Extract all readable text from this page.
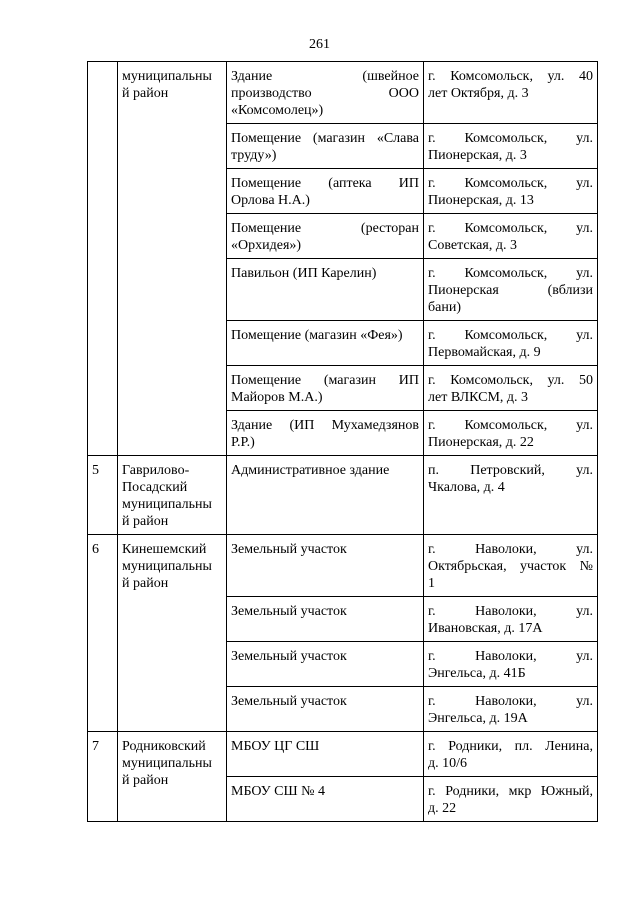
261

	муниципальны
й район	Здание (швейное
производство ООО
«Комсомолец»)	г. Комсомольск, ул. 40
лет Октября, д. 3

		Помещение (магазин «Слава
труду»)	г. Комсомольск, ул.
Пионерская, д. 3

		Помещение (аптека ИП
Орлова Н.А.)	г. Комсомольск, ул.
Пионерская, д. 13

		Помещение (ресторан
«Орхидея»)	г. Комсомольск, ул.
Советская, д. 3

		Павильон (ИП Карелин)	г. Комсомольск, ул.
Пионерская (вблизи
бани)

		Помещение (магазин «Фея»)	г. Комсомольск, ул.
Первомайская, д. 9

		Помещение (магазин ИП
Майоров М.А.)	г. Комсомольск, ул. 50
лет ВЛКСМ, д. 3

		Здание (ИП Мухамедзянов
Р.Р.)	г. Комсомольск, ул.
Пионерская, д. 22

5	Гаврилово-
Посадский
муниципальны
й район	Административное здание	п. Петровский, ул.
Чкалова, д. 4

6	Кинешемский
муниципальны
й район	Земельный участок	г. Наволоки, ул.
Октябрьская, участок №
1

		Земельный участок	г. Наволоки, ул.
Ивановская, д. 17А

		Земельный участок	г. Наволоки, ул.
Энгельса, д. 41Б

		Земельный участок	г. Наволоки, ул.
Энгельса, д. 19А

7	Родниковский
муниципальны
й район	МБОУ ЦГ СШ	г. Родники, пл. Ленина,
д. 10/6

		МБОУ СШ № 4	г. Родники, мкр Южный,
д. 22
